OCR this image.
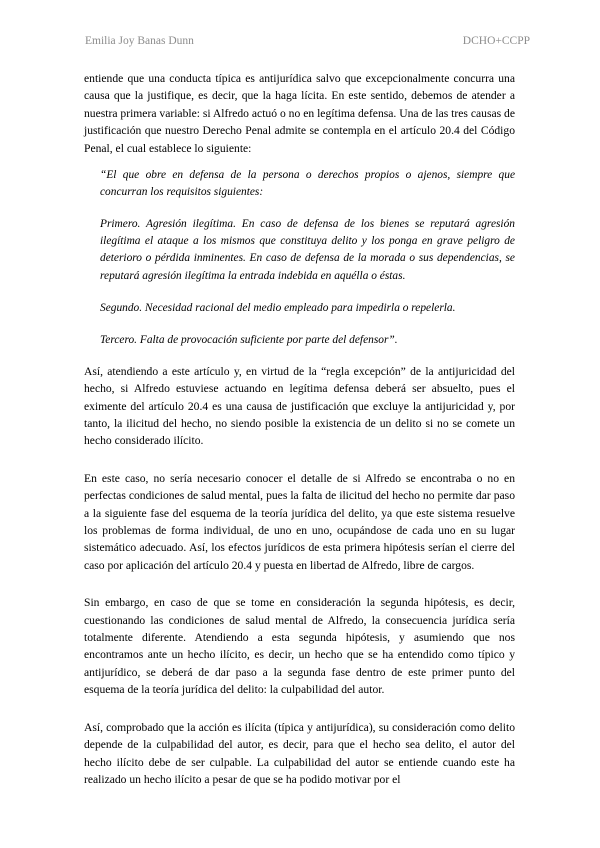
Emilia Joy Banas Dunn	DCHO+CCPP

entiende que una conducta típica es antijurídica salvo que excepcionalmente concurra una causa que la justifique, es decir, que la haga lícita. En este sentido, debemos de atender a nuestra primera variable: si Alfredo actuó o no en legítima defensa. Una de las tres causas de justificación que nuestro Derecho Penal admite se contempla en el artículo 20.4 del Código Penal, el cual establece lo siguiente:

“El que obre en defensa de la persona o derechos propios o ajenos, siempre que concurran los requisitos siguientes:

Primero. Agresión ilegítima. En caso de defensa de los bienes se reputará agresión ilegítima el ataque a los mismos que constituya delito y los ponga en grave peligro de deterioro o pérdida inminentes. En caso de defensa de la morada o sus dependencias, se reputará agresión ilegítima la entrada indebida en aquélla o éstas.

Segundo. Necesidad racional del medio empleado para impedirla o repelerla.

Tercero. Falta de provocación suficiente por parte del defensor”.

Así, atendiendo a este artículo y, en virtud de la “regla excepción” de la antijuricidad del hecho, si Alfredo estuviese actuando en legítima defensa deberá ser absuelto, pues el eximente del artículo 20.4 es una causa de justificación que excluye la antijuricidad y, por tanto, la ilicitud del hecho, no siendo posible la existencia de un delito si no se comete un hecho considerado ilícito.

En este caso, no sería necesario conocer el detalle de si Alfredo se encontraba o no en perfectas condiciones de salud mental, pues la falta de ilicitud del hecho no permite dar paso a la siguiente fase del esquema de la teoría jurídica del delito, ya que este sistema resuelve los problemas de forma individual, de uno en uno, ocupándose de cada uno en su lugar sistemático adecuado. Así, los efectos jurídicos de esta primera hipótesis serían el cierre del caso por aplicación del artículo 20.4 y puesta en libertad de Alfredo, libre de cargos.

Sin embargo, en caso de que se tome en consideración la segunda hipótesis, es decir, cuestionando las condiciones de salud mental de Alfredo, la consecuencia jurídica sería totalmente diferente. Atendiendo a esta segunda hipótesis, y asumiendo que nos encontramos ante un hecho ilícito, es decir, un hecho que se ha entendido como típico y antijurídico, se deberá de dar paso a la segunda fase dentro de este primer punto del esquema de la teoría jurídica del delito: la culpabilidad del autor.

Así, comprobado que la acción es ilícita (típica y antijurídica), su consideración como delito depende de la culpabilidad del autor, es decir, para que el hecho sea delito, el autor del hecho ilícito debe de ser culpable. La culpabilidad del autor se entiende cuando este ha realizado un hecho ilícito a pesar de que se ha podido motivar por el
